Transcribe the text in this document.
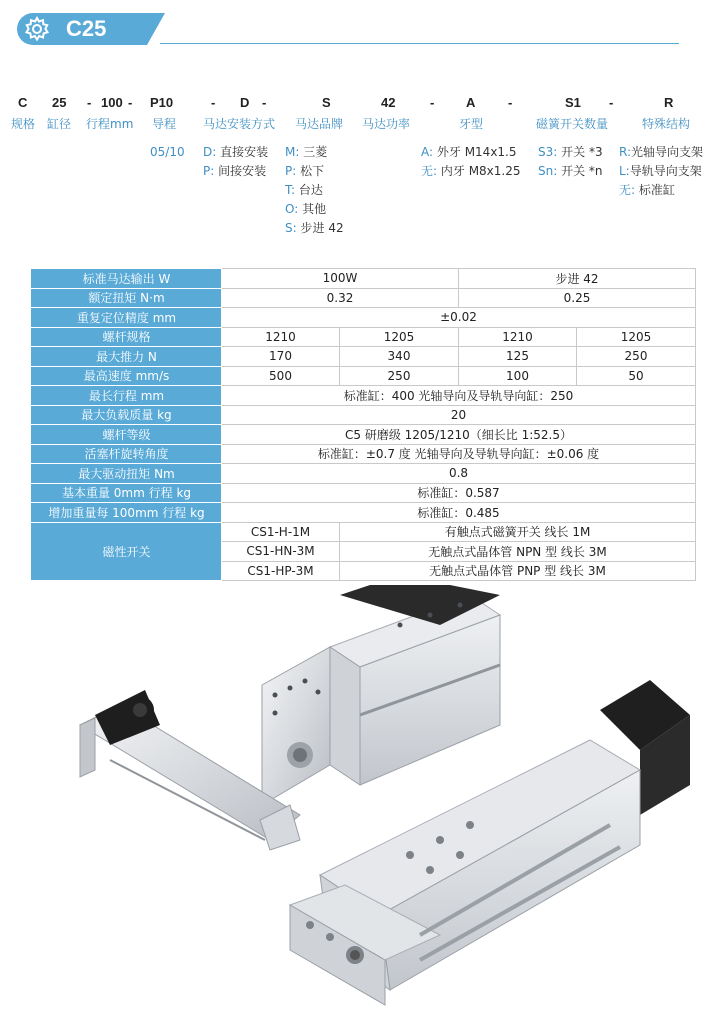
C25
C 25 - 100 - P10	- D -	S	42	- A	-	S1 -	R
规格 缸径 行程mm 导程 马达安装方式 马达品牌 马达功率	牙型	磁簧开关数量	特殊结构
05/10 D: 直接安装
P: 间接安装
M: 三菱
P: 松下
T: 台达
O: 其他
S: 步进 42
A: 外牙 M14x1.5
无: 内牙 M8x1.25
S3: 开关 *3
Sn: 开关 *n
R:光轴导向支架
L:导轨导向支架
无: 标准缸
标准马达输出 W	100W		步进 42	
额定扭矩 N·m	0.32		0.25	
重复定位精度 mm	±0.02			
螺杆规格	1210	1205	1210	1205
最大推力 N	170	340	125	250
最高速度 mm/s	500	250	100	50
最长行程 mm	标准缸：400 光轴导向及导轨导向缸：250			
最大负载质量 kg	20			
螺杆等级	C5 研磨级 1205/1210（细长比 1:52.5）			
活塞杆旋转角度	标准缸：±0.7 度 光轴导向及导轨导向缸：±0.06 度			
最大驱动扭矩 Nm	0.8			
基本重量 0mm 行程 kg	标准缸：0.587			
增加重量每 100mm 行程 kg	标准缸：0.485			
磁性开关	CS1-H-1M	有触点式磁簧开关 线长 1M		
	CS1-HN-3M	无触点式晶体管 NPN 型 线长 3M		
	CS1-HP-3M	无触点式晶体管 PNP 型 线长 3M		
